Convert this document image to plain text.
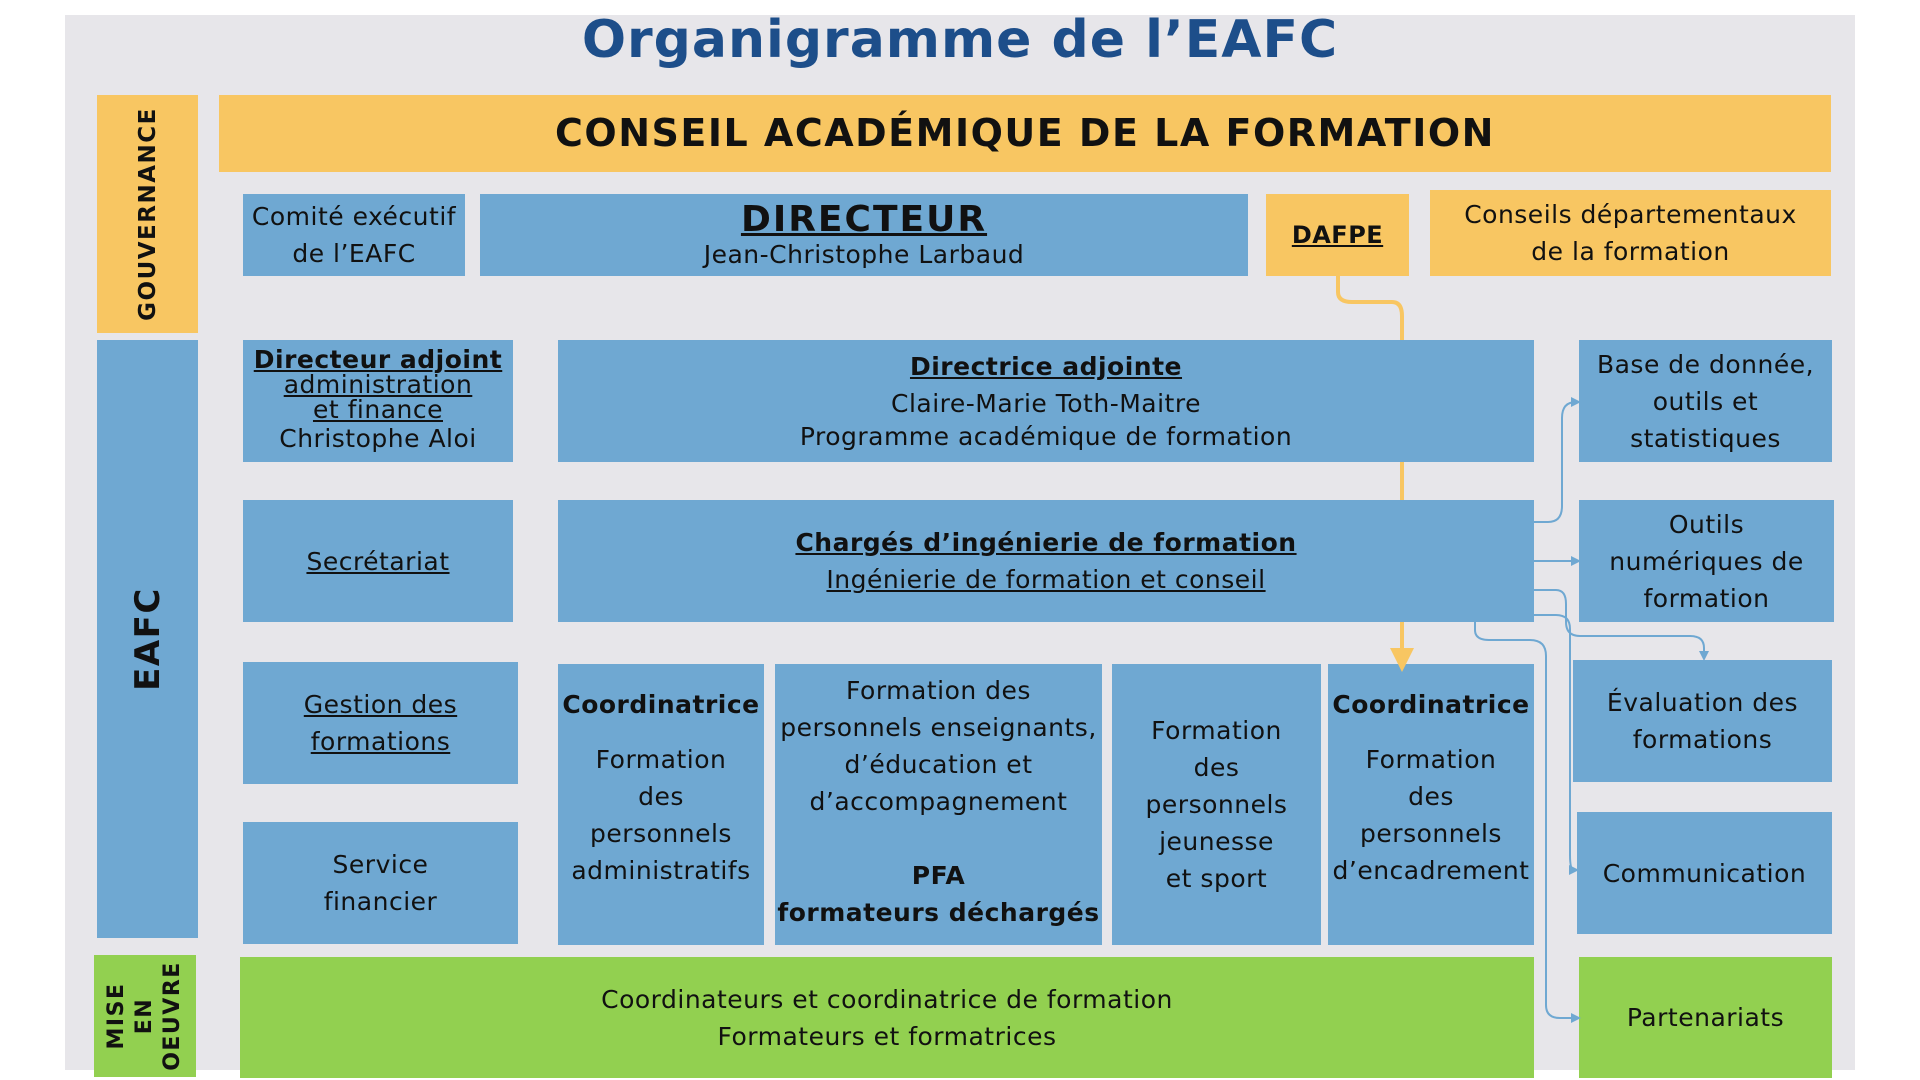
Organigramme de l’EAFC
GOUVERNANCE
EAFC
MISE EN OEUVRE
CONSEIL ACADÉMIQUE DE LA FORMATION
Comité exécutif
de l’EAFC
DIRECTEUR
Jean-Christophe Larbaud
DAFPE
Conseils départementaux
de la formation
Directeur adjoint
administration
et finance
Christophe Aloi
Directrice adjointe
Claire-Marie Toth-Maitre
Programme académique de formation
Base de donnée,
outils et
statistiques
Secrétariat
Chargés d’ingénierie de formation
Ingénierie de formation et conseil
Outils
numériques de
formation
Gestion des
formations
Service
financier
Coordinatrice
Formation
des
personnels
administratifs
Formation des
personnels enseignants,
d’éducation et
d’accompagnement
PFA
formateurs déchargés
Formation
des
personnels
jeunesse
et sport
Coordinatrice
Formation
des
personnels
d’encadrement
Évaluation des
formations
Communication
Coordinateurs et coordinatrice de formation
Formateurs et formatrices
Partenariats
